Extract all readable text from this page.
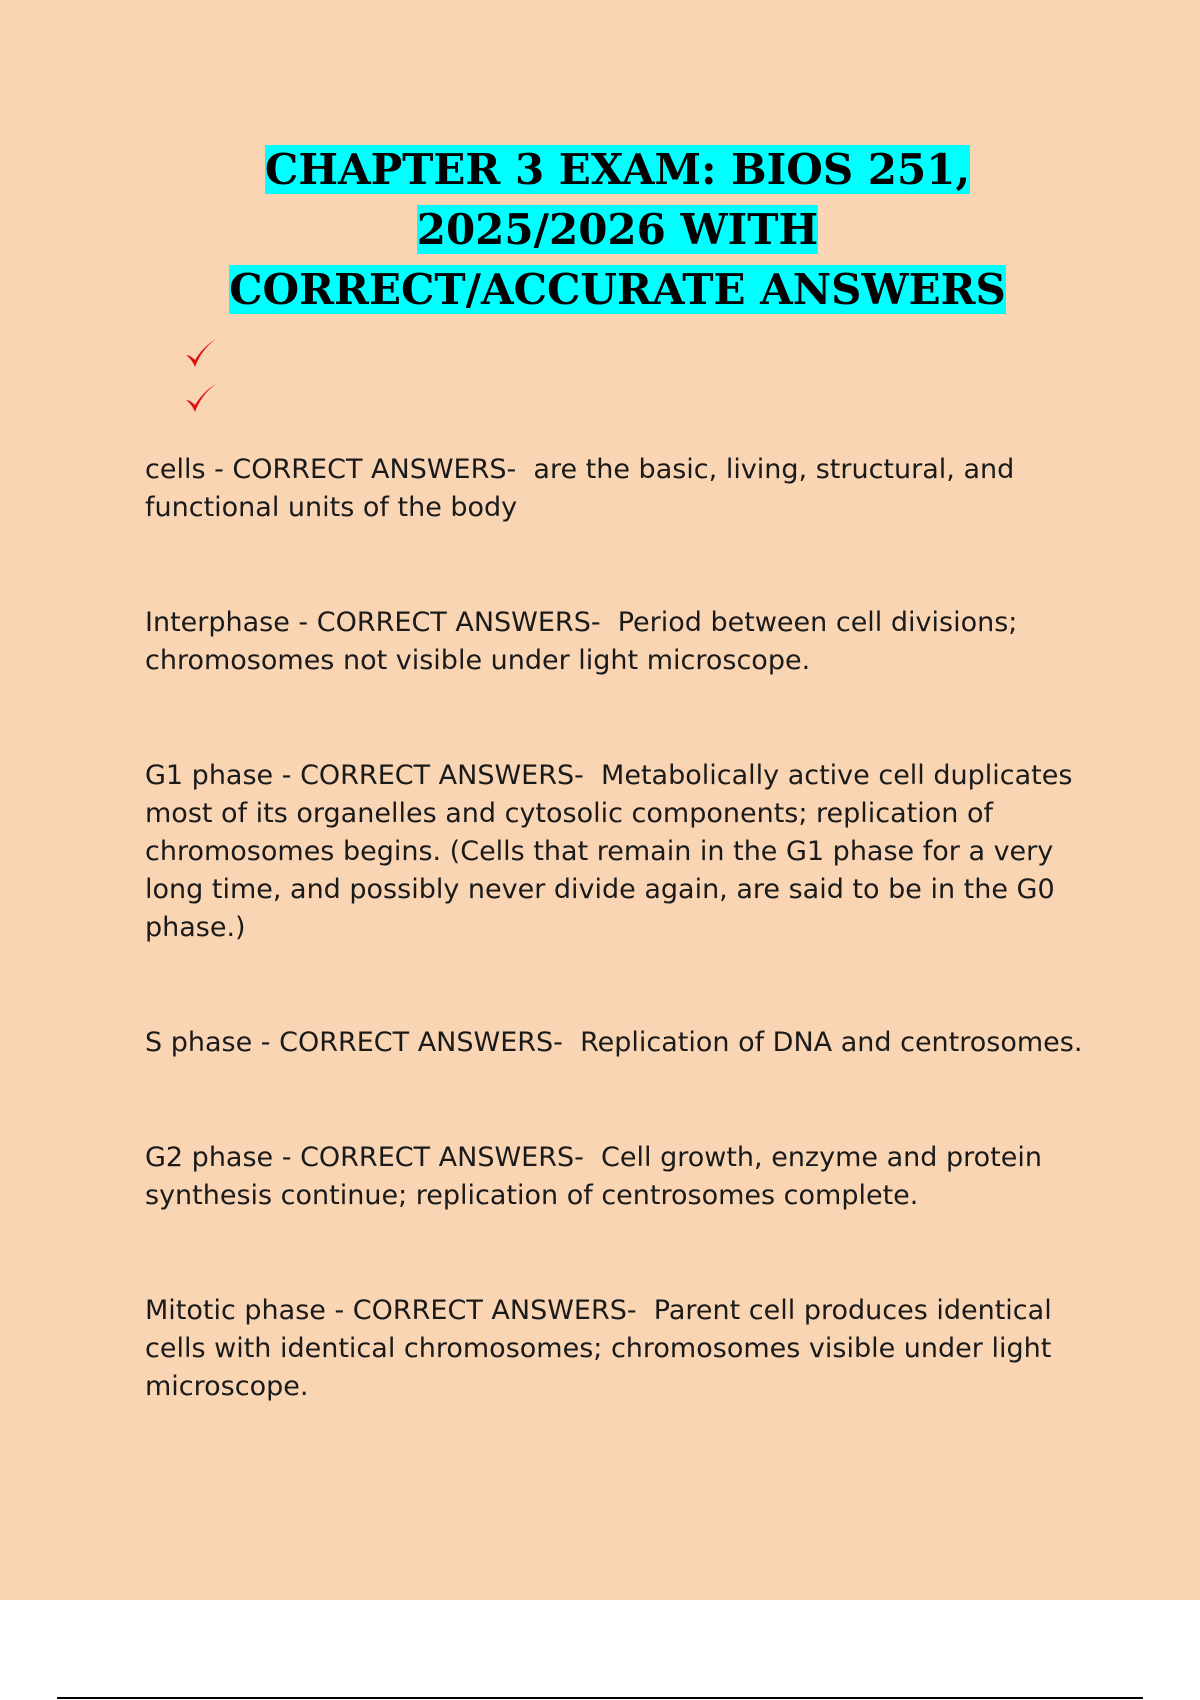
CHAPTER 3 EXAM: BIOS 251,
2025/2026 WITH
CORRECT/ACCURATE ANSWERS

cells - CORRECT ANSWERS-  are the basic, living, structural, and functional units of the body

Interphase - CORRECT ANSWERS-  Period between cell divisions; chromosomes not visible under light microscope.

G1 phase - CORRECT ANSWERS-  Metabolically active cell duplicates most of its organelles and cytosolic components; replication of chromosomes begins. (Cells that remain in the G1 phase for a very long time, and possibly never divide again, are said to be in the G0 phase.)

S phase - CORRECT ANSWERS-  Replication of DNA and centrosomes.

G2 phase - CORRECT ANSWERS-  Cell growth, enzyme and protein synthesis continue; replication of centrosomes complete.

Mitotic phase - CORRECT ANSWERS-  Parent cell produces identical cells with identical chromosomes; chromosomes visible under light microscope.
